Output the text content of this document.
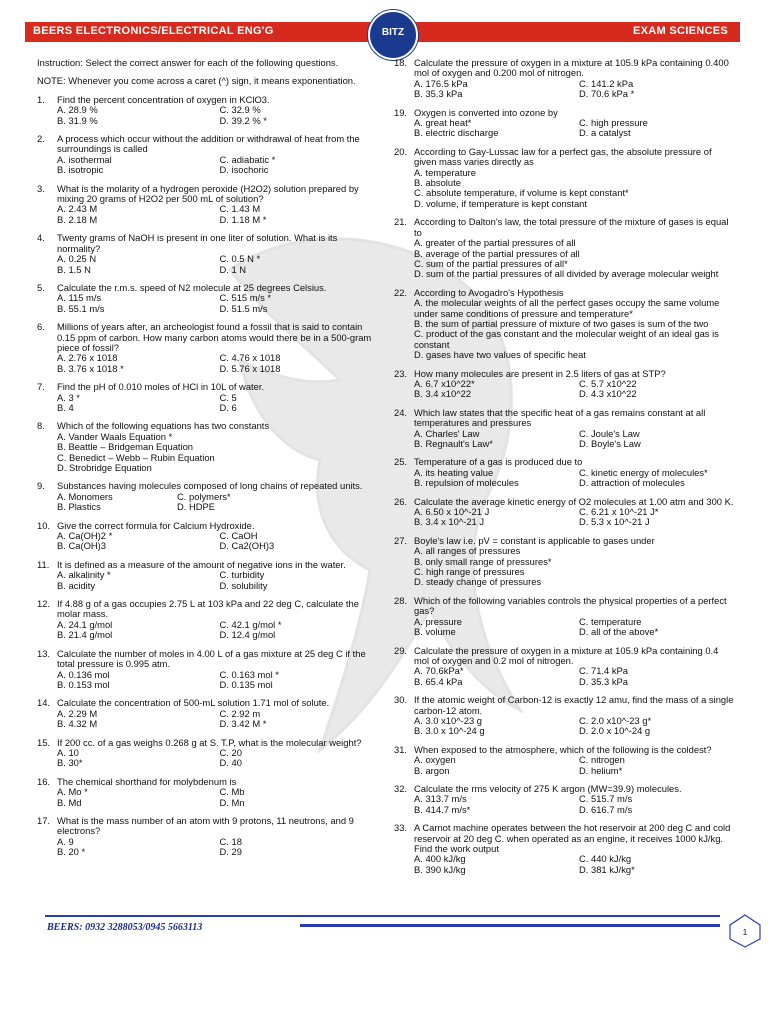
BEERS ELECTRONICS/ELECTRICAL ENG'G	EXAM SCIENCES
BITZ

Instruction: Select the correct answer for each of the following questions.

NOTE: Whenever you come across a caret (^) sign, it means exponentiation.

1. Find the percent concentration of oxygen in KClO3.
A. 28.9 %	C. 32.9 %
B. 31.9 %	D. 39.2 % *
2. A process which occur without the addition or withdrawal of heat from the surroundings is called
A. isothermal	C. adiabatic *
B. isotropic	D. isochoric
3. What is the molarity of a hydrogen peroxide (H2O2) solution prepared by mixing 20 grams of H2O2 per 500 mL of solution?
A. 2.43 M	C. 1.43 M
B. 2.18 M	D. 1.18 M *
4. Twenty grams of NaOH is present in one liter of solution. What is its normality?
A. 0.25 N	C. 0.5 N *
B. 1.5 N	D. 1 N
5. Calculate the r.m.s. speed of N2 molecule at 25 degrees Celsius.
A. 115 m/s	C. 515 m/s *
B. 55.1 m/s	D. 51.5 m/s
6. Millions of years after, an archeologist found a fossil that is said to contain 0.15 ppm of carbon. How many carbon atoms would there be in a 500-gram piece of fossil?
A. 2.76 x 1018	C. 4.76 x 1018
B. 3.76 x 1018 *	D. 5.76 x 1018
7. Find the pH of 0.010 moles of HCl in 10L of water.
A. 3 *	C. 5
B. 4	D. 6
8. Which of the following equations has two constants
A. Vander Waals Equation *
B. Beattle – Bridgeman Equation
C. Benedict – Webb – Rubin Equation
D. Strobridge Equation
9. Substances having molecules composed of long chains of repeated units.
A. Monomers	C. polymers*
B. Plastics	D. HDPE
10. Give the correct formula for Calcium Hydroxide.
A. Ca(OH)2 *	C. CaOH
B. Ca(OH)3	D. Ca2(OH)3
11. It is defined as a measure of the amount of negative ions in the water.
A. alkalinity *	C. turbidity
B. acidity	D. solubility
12. If 4.88 g of a gas occupies 2.75 L at 103 kPa and 22 deg C, calculate the molar mass.
A. 24.1 g/mol	C. 42.1 g/mol *
B. 21.4 g/mol	D. 12.4 g/mol
13. Calculate the number of moles in 4.00 L of a gas mixture at 25 deg C if the total pressure is 0.995 atm.
A. 0.136 mol	C. 0.163 mol *
B. 0.153 mol	D. 0.135 mol
14. Calculate the concentration of 500-mL solution 1.71 mol of solute.
A. 2.29 M	C. 2.92 m
B. 4.32 M	D. 3.42 M *
15. If 200 cc. of a gas weighs 0.268 g at S. T.P, what is the molecular weight?
A. 10	C. 20
B. 30*	D. 40
16. The chemical shorthand for molybdenum is
A. Mo *	C. Mb
B. Md	D. Mn
17. What is the mass number of an atom with 9 protons, 11 neutrons, and 9 electrons?
A. 9	C. 18
B. 20 *	D. 29
18. Calculate the pressure of oxygen in a mixture at 105.9 kPa containing 0.400 mol of oxygen and 0.200 mol of nitrogen.
A. 176.5 kPa	C. 141.2 kPa
B. 35.3 kPa	D. 70.6 kPa *
19. Oxygen is converted into ozone by
A. great heat*	C. high pressure
B. electric discharge	D. a catalyst
20. According to Gay-Lussac law for a perfect gas, the absolute pressure of given mass varies directly as
A. temperature
B. absolute
C. absolute temperature, if volume is kept constant*
D. volume, if temperature is kept constant
21. According to Dalton's law, the total pressure of the mixture of gases is equal to
A. greater of the partial pressures of all
B. average of the partial pressures of all
C. sum of the partial pressures of all*
D. sum of the partial pressures of all divided by average molecular weight
22. According to Avogadro's Hypothesis
A. the molecular weights of all the perfect gases occupy the same volume under same conditions of pressure and temperature*
B. the sum of partial pressure of mixture of two gases is sum of the two
C. product of the gas constant and the molecular weight of an ideal gas is constant
D. gases have two values of specific heat
23. How many molecules are present in 2.5 liters of gas at STP?
A. 6.7 x10^22*	C. 5.7 x10^22
B. 3.4 x10^22	D. 4.3 x10^22
24. Which law states that the specific heat of a gas remains constant at all temperatures and pressures
A. Charles' Law	C. Joule's Law
B. Regnault's Law*	D. Boyle's Law
25. Temperature of a gas is produced due to
A. its heating value	C. kinetic energy of molecules*
B. repulsion of molecules	D. attraction of molecules
26. Calculate the average kinetic energy of O2 molecules at 1.00 atm and 300 K.
A. 6.50 x 10^-21 J	C. 6.21 x 10^-21 J*
B. 3.4 x 10^-21 J	D. 5.3 x 10^-21 J
27. Boyle's law i.e. pV = constant is applicable to gases under
A. all ranges of pressures
B. only small range of pressures*
C. high range of pressures
D. steady change of pressures
28. Which of the following variables controls the physical properties of a perfect gas?
A. pressure	C. temperature
B. volume	D. all of the above*
29. Calculate the pressure of oxygen in a mixture at 105.9 kPa containing 0.4 mol of oxygen and 0.2 mol of nitrogen.
A. 70.6kPa*	C. 71.4 kPa
B. 65.4 kPa	D. 35.3 kPa
30. If the atomic weight of Carbon-12 is exactly 12 amu, find the mass of a single carbon-12 atom.
A. 3.0 x10^-23 g	C. 2.0 x10^-23 g*
B. 3.0 x 10^-24 g	D. 2.0 x 10^-24 g
31. When exposed to the atmosphere, which of the following is the coldest?
A. oxygen	C. nitrogen
B. argon	D. helium*
32. Calculate the rms velocity of 275 K argon (MW=39.9) molecules.
A. 313.7 m/s	C. 515.7 m/s
B. 414.7 m/s*	D. 616.7 m/s
33. A Carnot machine operates between the hot reservoir at 200 deg C and cold reservoir at 20 deg C. when operated as an engine, it receives 1000 kJ/kg. Find the work output
A. 400 kJ/kg	C. 440 kJ/kg
B. 390 kJ/kg	D. 381 kJ/kg*
BEERS: 0932 3288053/0945 5663113	1
